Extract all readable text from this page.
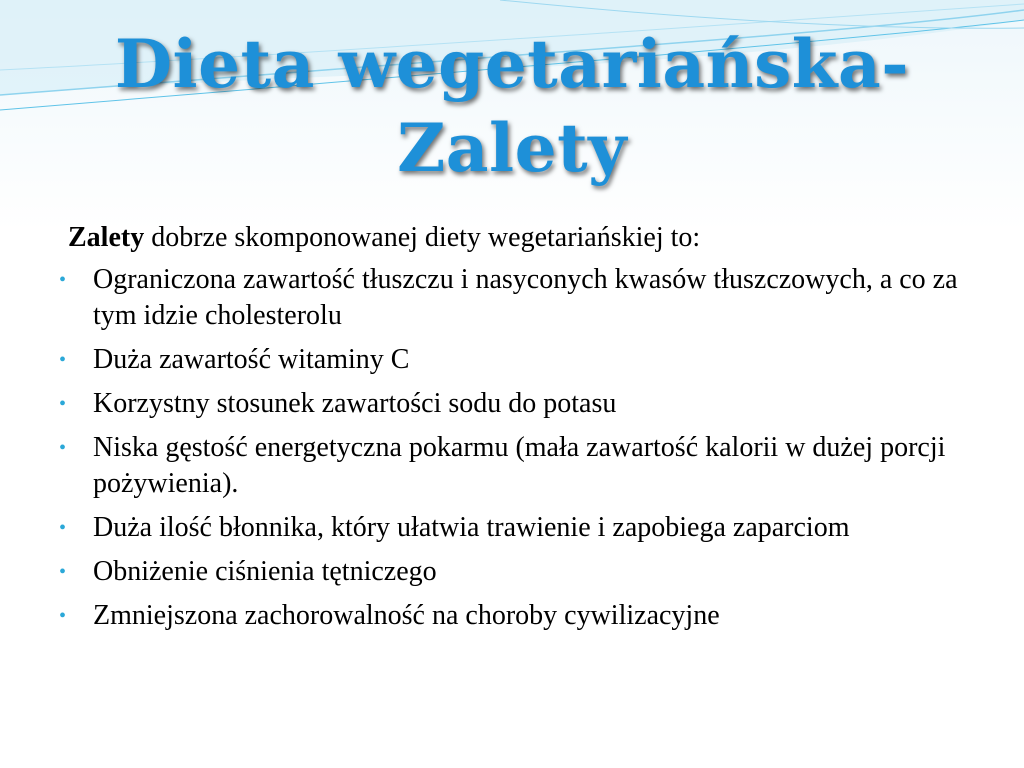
Dieta wegetariańska-
Zalety
Zalety dobrze skomponowanej diety wegetariańskiej to:
• Ograniczona zawartość tłuszczu i nasyconych kwasów tłuszczowych, a co za tym idzie cholesterolu
• Duża zawartość witaminy C
• Korzystny stosunek zawartości sodu do potasu
• Niska gęstość energetyczna pokarmu (mała zawartość kalorii w dużej porcji pożywienia).
• Duża ilość błonnika, który ułatwia trawienie i zapobiega zaparciom
• Obniżenie ciśnienia tętniczego
• Zmniejszona zachorowalność na choroby cywilizacyjne
